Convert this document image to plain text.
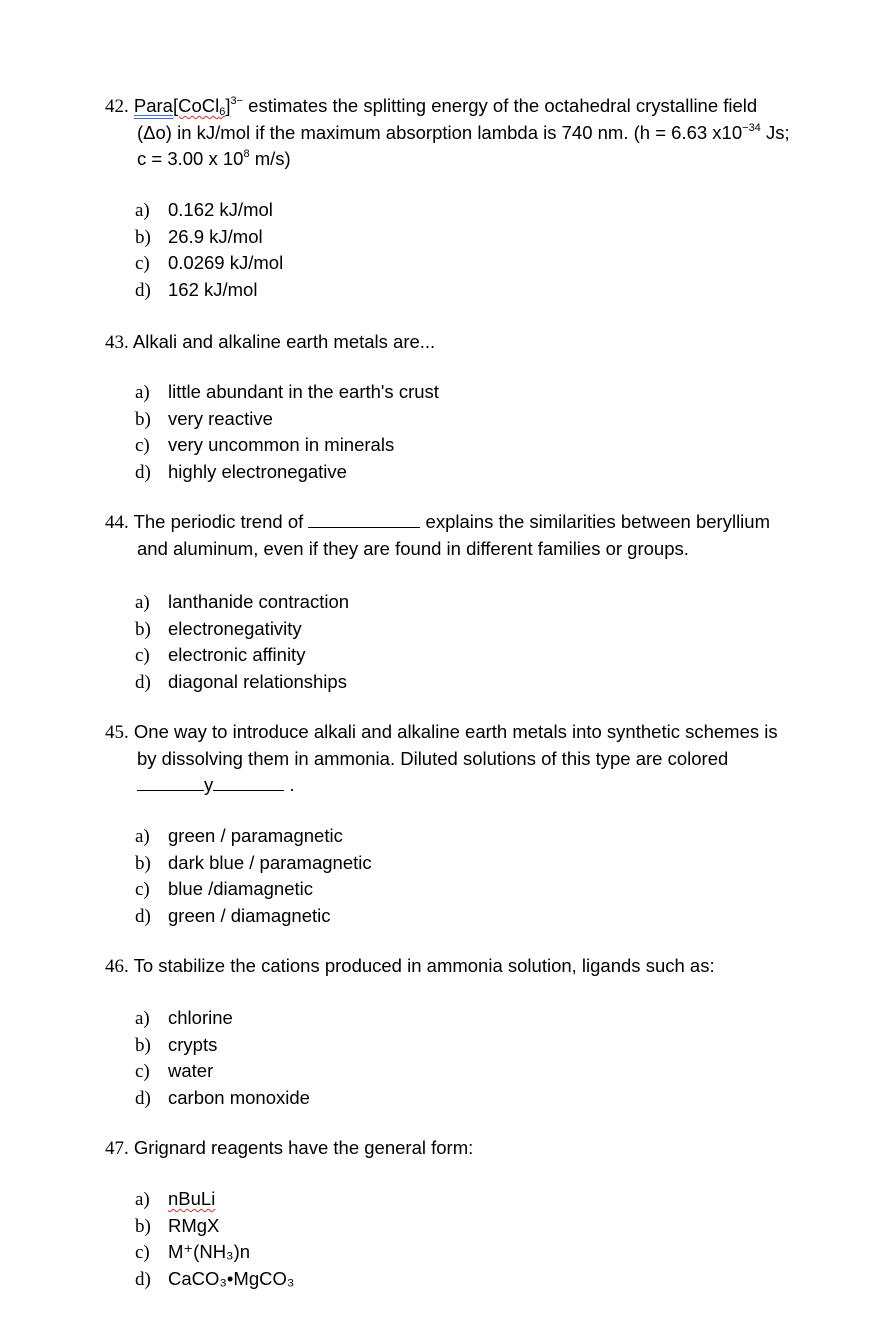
42. Para[CoCl$_6$]$^{3-}$ estimates the splitting energy of the octahedral crystalline field
(Δo) in kJ/mol if the maximum absorption lambda is 740 nm. (h = 6.63 $x10^{-34}$ Js;
c = 3.00 x $10^8$ m/s)
a) 0.162 kJ/mol
b) 26.9 kJ/mol
c) 0.0269 kJ/mol
d) 162 kJ/mol
43. Alkali and alkaline earth metals are...
a) little abundant in the earth's crust
b) very reactive
c) very uncommon in minerals
d) highly electronegative
44. The periodic trend of	explains the similarities between beryllium
and aluminum, even if they are found in different families or groups.
a) lanthanide contraction
b) electronegativity
c) electronic affinity
d) diagonal relationships
45. One way to introduce alkali and alkaline earth metals into synthetic schemes is
by dissolving them in ammonia. Diluted solutions of this type are colored
y	.
a) green / paramagnetic
b) dark blue / paramagnetic
c) blue /diamagnetic
d) green / diamagnetic
46. To stabilize the cations produced in ammonia solution, ligands such as:
a) chlorine
b) crypts
c) water
d) carbon monoxide
47. Grignard reagents have the general form:
a) nBuLi
b) RMgX
c) M⁺(NH₃)n
d) CaCO₃•MgCO₃
